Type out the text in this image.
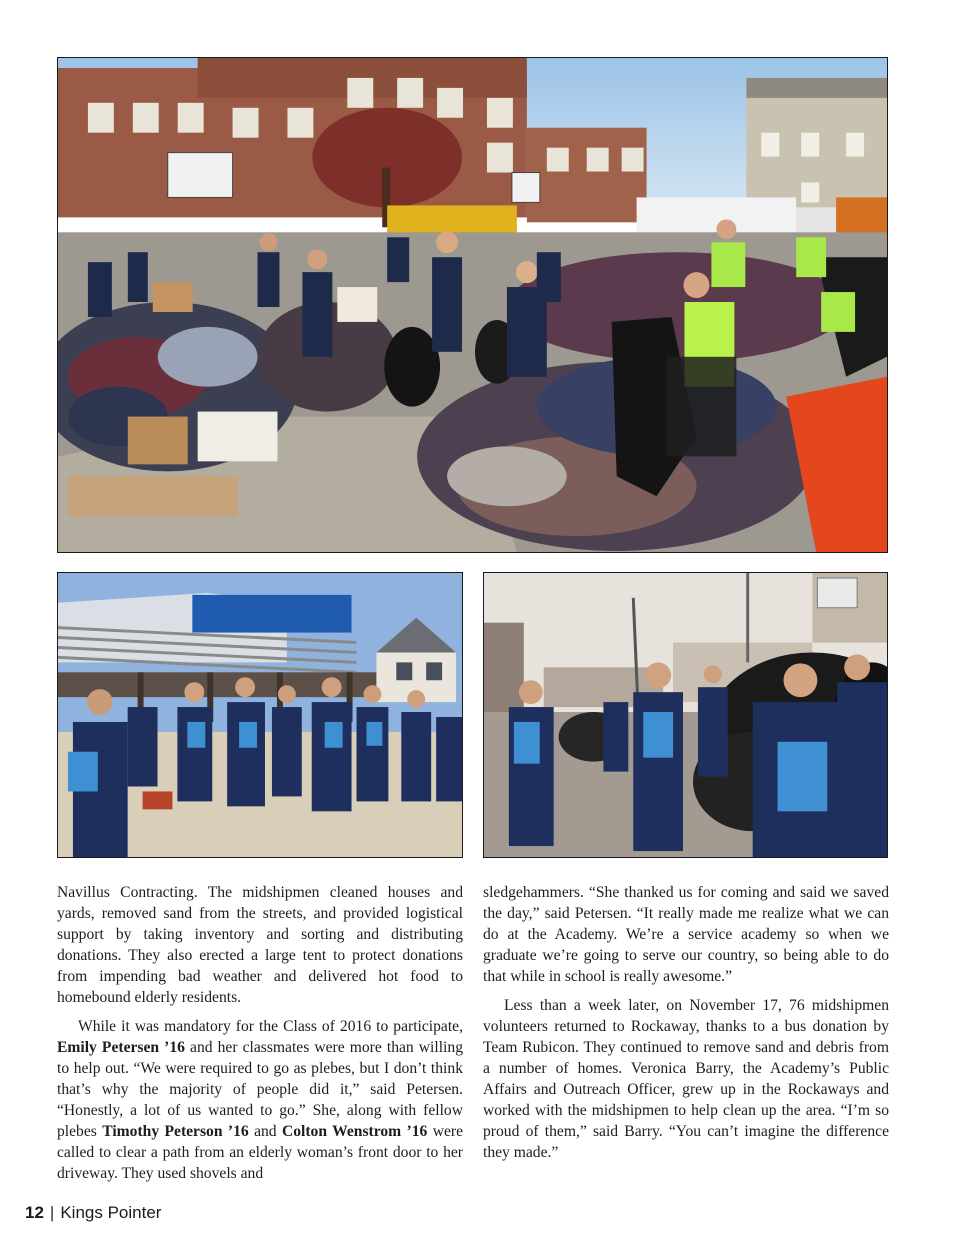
Navillus Contracting. The midshipmen cleaned houses and yards, removed sand from the streets, and provided logistical support by taking inventory and sorting and distributing donations. They also erected a large tent to protect donations from impending bad weather and delivered hot food to homebound elderly residents.

While it was mandatory for the Class of 2016 to participate, Emily Petersen ’16 and her classmates were more than willing to help out. “We were required to go as plebes, but I don’t think that’s why the majority of people did it,” said Petersen. “Honestly, a lot of us wanted to go.” She, along with fellow plebes Timothy Peterson ’16 and Colton Wenstrom ’16 were called to clear a path from an elderly woman’s front door to her driveway. They used shovels and

sledgehammers. “She thanked us for coming and said we saved the day,” said Petersen. “It really made me realize what we can do at the Academy. We’re a service academy so when we graduate we’re going to serve our country, so being able to do that while in school is really awesome.”

Less than a week later, on November 17, 76 midshipmen volunteers returned to Rockaway, thanks to a bus donation by Team Rubicon. They continued to remove sand and debris from a number of homes. Veronica Barry, the Academy’s Public Affairs and Outreach Officer, grew up in the Rockaways and worked with the midshipmen to help clean up the area. “I’m so proud of them,” said Barry. “You can’t imagine the difference they made.”

12 | Kings Pointer
